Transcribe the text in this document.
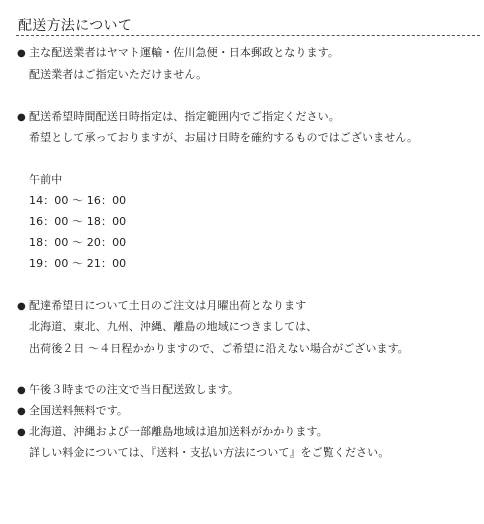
配送方法について
● 主な配送業者はヤマト運輸・佐川急便・日本郵政となります。
配送業者はご指定いただけません。
● 配送希望時間配送日時指定は、指定範囲内でご指定ください。
希望として承っておりますが、お届け日時を確約するものではございません。
午前中
14：00 〜 16：00
16：00 〜 18：00
18：00 〜 20：00
19：00 〜 21：00
● 配達希望日について土日のご注文は月曜出荷となります
北海道、東北、九州、沖縄、離島の地域につきましては、
出荷後２日 ～４日程かかりますので、ご希望に沿えない場合がございます。
● 午後３時までの注文で当日配送致します。
● 全国送料無料です。
● 北海道、沖縄および一部離島地域は追加送料がかかります。
詳しい料金については、『送料・支払い方法について』をご覧ください。
